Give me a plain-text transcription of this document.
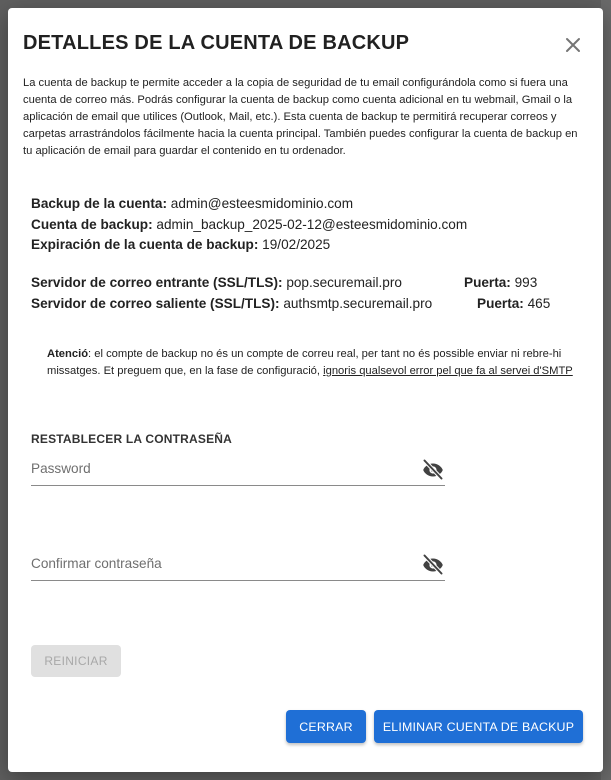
DETALLES DE LA CUENTA DE BACKUP
La cuenta de backup te permite acceder a la copia de seguridad de tu email configurándola como si fuera una cuenta de correo más. Podrás configurar la cuenta de backup como cuenta adicional en tu webmail, Gmail o la aplicación de email que utilices (Outlook, Mail, etc.). Esta cuenta de backup te permitirá recuperar correos y carpetas arrastrándolos fácilmente hacia la cuenta principal. También puedes configurar la cuenta de backup en tu aplicación de email para guardar el contenido en tu ordenador.
Backup de la cuenta: admin@esteesmidominio.com
Cuenta de backup: admin_backup_2025-02-12@esteesmidominio.com
Expiración de la cuenta de backup: 19/02/2025
Servidor de correo entrante (SSL/TLS): pop.securemail.pro	Puerta: 993
Servidor de correo saliente (SSL/TLS): authsmtp.securemail.pro	Puerta: 465
Atenció: el compte de backup no és un compte de correu real, per tant no és possible enviar ni rebre-hi missatges. Et preguem que, en la fase de configuració, ignoris qualsevol error pel que fa al servei d'SMTP
RESTABLECER LA CONTRASEÑA
REINICIAR
CERRAR	ELIMINAR CUENTA DE BACKUP
